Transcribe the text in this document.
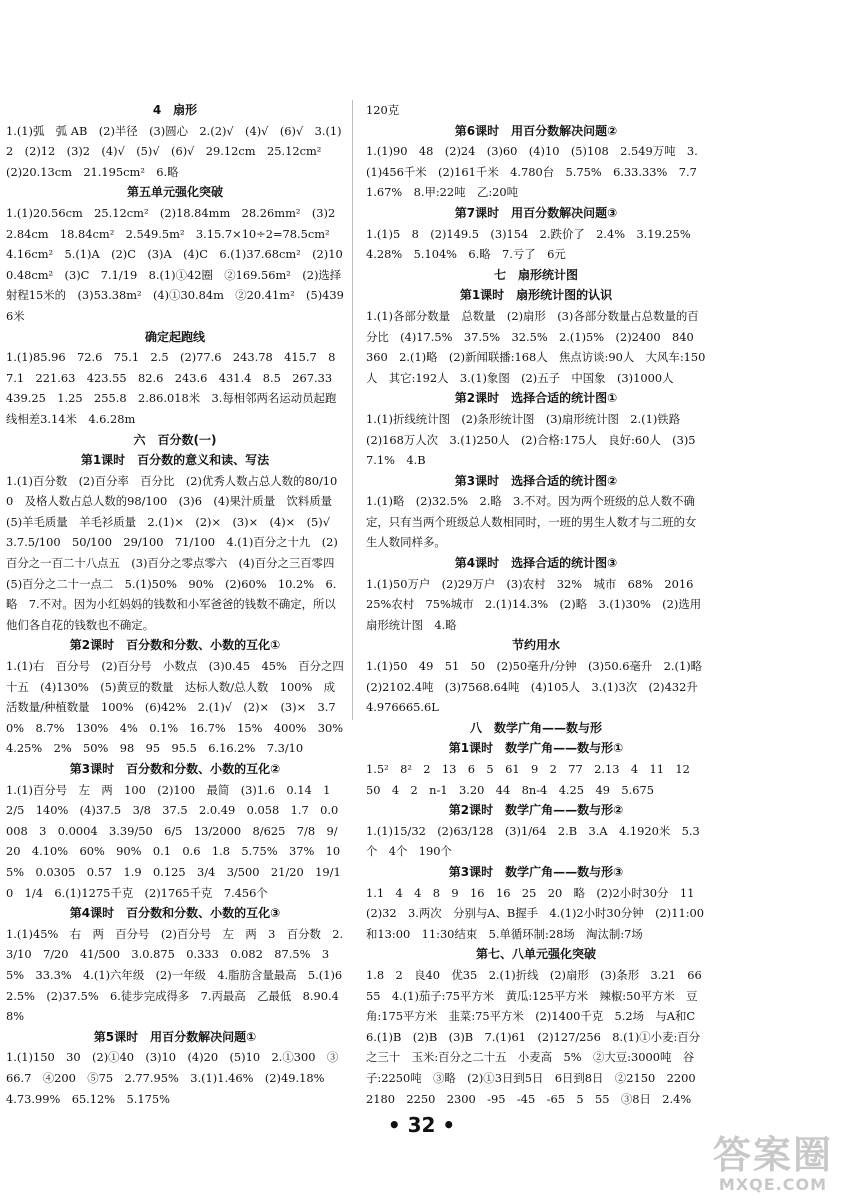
4　扇形
1.(1)弧　弧 AB　(2)半径　(3)圆心　2.(2)√　(4)√　(6)√　3.(1)2　(2)12　(3)2　(4)√　(5)√　(6)√　29.12cm　25.12cm²　(2)20.13cm　21.195cm²　6.略
第五单元强化突破
1.(1)20.56cm　25.12cm²　(2)18.84mm　28.26mm²　(3)22.84cm　18.84cm²　2.549.5m²　3.15.7×10÷2=78.5cm²　4.16cm²　5.(1)A　(2)C　(3)A　(4)C　6.(1)37.68cm²　(2)100.48cm²　(3)C　7.1/19　8.(1)①42圈　②169.56m²　(2)选择射程15米的　(3)53.38m²　(4)①30.84m　②20.41m²　(5)4396米
确定起跑线
1.(1)85.96　72.6　75.1　2.5　(2)77.6　243.78　415.7　87.1　221.63　423.55　82.6　243.6　431.4　8.5　267.33　439.25　1.25　255.8　2.86.018米　3.每相邻两名运动员起跑线相差3.14米　4.6.28m
六　百分数(一)
第1课时　百分数的意义和读、写法
1.(1)百分数　(2)百分率　百分比　(2)优秀人数占总人数的80/100　及格人数占总人数的98/100　(3)6　(4)果汁质量　饮料质量　(5)羊毛质量　羊毛衫质量　2.(1)×　(2)×　(3)×　(4)×　(5)√　3.7.5/100　50/100　29/100　71/100　4.(1)百分之十九　(2)百分之一百二十八点五　(3)百分之零点零六　(4)百分之三百零四　(5)百分之二十一点二　5.(1)50%　90%　(2)60%　10.2%　6.略　7.不对。因为小红妈妈的钱数和小军爸爸的钱数不确定，所以他们各自花的钱数也不确定。
第2课时　百分数和分数、小数的互化①
1.(1)右　百分号　(2)百分号　小数点　(3)0.45　45%　百分之四十五　(4)130%　(5)黄豆的数量　达标人数/总人数　100%　成活数量/种植数量　100%　(6)42%　2.(1)√　(2)×　(3)×　3.70%　8.7%　130%　4%　0.1%　16.7%　15%　400%　30%　4.25%　2%　50%　98　95　95.5　6.16.2%　7.3/10
第3课时　百分数和分数、小数的互化②
1.(1)百分号　左　两　100　(2)100　最简　(3)1.6　0.14　1 2/5　140%　(4)37.5　3/8　37.5　2.0.49　0.058　1.7　0.0008　3　0.0004　3.39/50　6/5　13/2000　8/625　7/8　9/20　4.10%　60%　90%　0.1　0.6　1.8　5.75%　37%　105%　0.0305　0.57　1.9　0.125　3/4　3/500　21/20　19/10　1/4　6.(1)1275千克　(2)1765千克　7.456个
第4课时　百分数和分数、小数的互化③
1.(1)45%　右　两　百分号　(2)百分号　左　两　3　百分数　2.3/10　7/20　41/500　3.0.875　0.333　0.082　87.5%　35%　33.3%　4.(1)六年级　(2)一年级　4.脂肪含量最高　5.(1)62.5%　(2)37.5%　6.徒步完成得多　7.丙最高　乙最低　8.90.48%
第5课时　用百分数解决问题①
1.(1)150　30　(2)①40　(3)10　(4)20　(5)10　2.①300　③66.7　④200　⑤75　2.77.95%　3.(1)1.46%　(2)49.18%　4.73.99%　65.12%　5.175%
120克
第6课时　用百分数解决问题②
1.(1)90　48　(2)24　(3)60　(4)10　(5)108　2.549万吨　3.(1)456千米　(2)161千米　4.780台　5.75%　6.33.33%　7.71.67%　8.甲:22吨　乙:20吨
第7课时　用百分数解决问题③
1.(1)5　8　(2)149.5　(3)154　2.跌价了　2.4%　3.19.25%　4.28%　5.104%　6.略　7.亏了　6元
七　扇形统计图
第1课时　扇形统计图的认识
1.(1)各部分数量　总数量　(2)扇形　(3)各部分数量占总数量的百分比　(4)17.5%　37.5%　32.5%　2.(1)5%　(2)2400　840　360　2.(1)略　(2)新闻联播:168人　焦点访谈:90人　大风车:150人　其它:192人　3.(1)象图　(2)五子　中国象　(3)1000人
第2课时　选择合适的统计图①
1.(1)折线统计图　(2)条形统计图　(3)扇形统计图　2.(1)铁路　(2)168万人次　3.(1)250人　(2)合格:175人　良好:60人　(3)57.1%　4.B
第3课时　选择合适的统计图②
1.(1)略　(2)32.5%　2.略　3.不对。因为两个班级的总人数不确定，只有当两个班级总人数相同时，一班的男生人数才与二班的女生人数同样多。
第4课时　选择合适的统计图③
1.(1)50万户　(2)29万户　(3)农村　32%　城市　68%　2016　25%农村　75%城市　2.(1)14.3%　(2)略　3.(1)30%　(2)选用扇形统计图　4.略
节约用水
1.(1)50　49　51　50　(2)50毫升/分钟　(3)50.6毫升　2.(1)略　(2)2102.4吨　(3)7568.64吨　(4)105人　3.(1)3次　(2)432升　4.976665.6L
八　数学广角——数与形
第1课时　数学广角——数与形①
1.5²　8²　2　13　6　5　61　9　2　77　2.13　4　11　12　50　4　2　n-1　3.20　44　8n-4　4.25　49　5.675
第2课时　数学广角——数与形②
1.(1)15/32　(2)63/128　(3)1/64　2.B　3.A　4.1920米　5.3个　4个　190个
第3课时　数学广角——数与形③
1.1　4　4　8　9　16　16　25　20　略　(2)2小时30分　11　(2)32　3.两次　分别与A、B握手　4.(1)2小时30分钟　(2)11:00和13:00　11:30结束　5.单循环制:28场　淘汰制:7场
第七、八单元强化突破
1.8　2　良40　优35　2.(1)折线　(2)扇形　(3)条形　3.21　66　55　4.(1)茄子:75平方米　黄瓜:125平方米　辣椒:50平方米　豆角:175平方米　韭菜:75平方米　(2)1400千克　5.2场　与A和C　6.(1)B　(2)B　(3)B　7.(1)61　(2)127/256　8.(1)①小麦:百分之三十　玉米:百分之二十五　小麦高　5%　②大豆:3000吨　谷子:2250吨　③略　(2)①3日到5日　6日到8日　②2150　2200　2180　2250　2300　-95　-45　-65　5　55　③8日　2.4%
• 32 •
答案圈
MXQE.COM
